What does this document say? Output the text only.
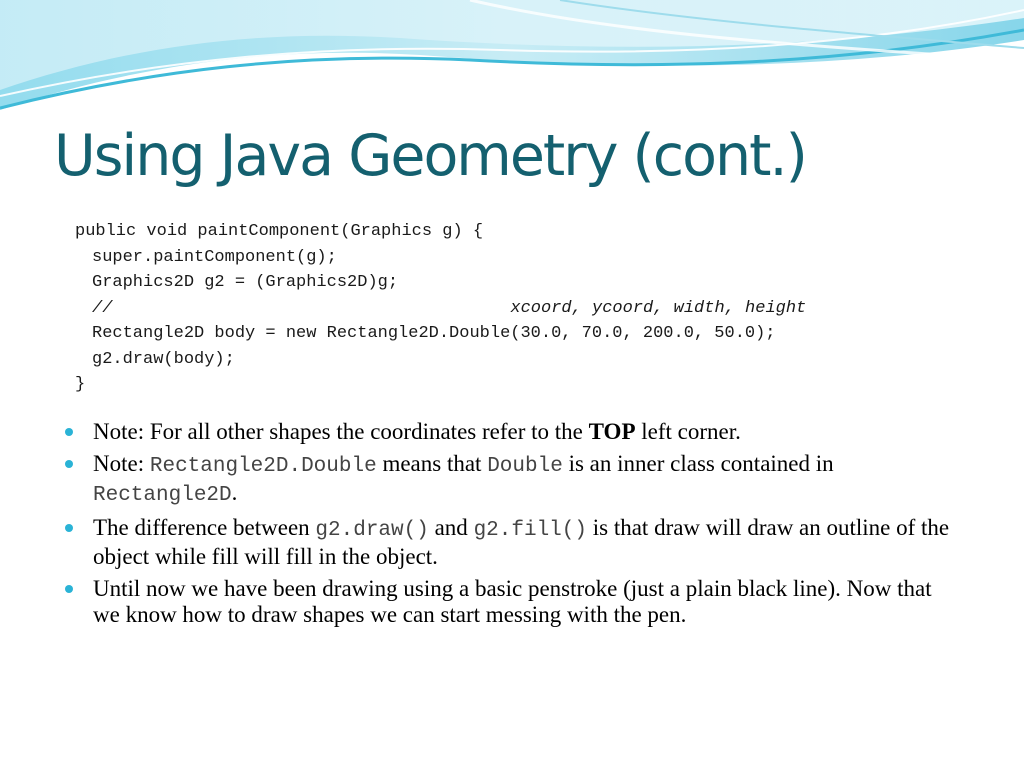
Using Java Geometry (cont.)
public void paintComponent(Graphics g) {
super.paintComponent(g);
Graphics2D g2 = (Graphics2D)g;
//	xcoord, ycoord, width, height
Rectangle2D body = new Rectangle2D.Double(30.0, 70.0, 200.0, 50.0);
g2.draw(body);
}
Note: For all other shapes the coordinates refer to the TOP left corner.
Note: Rectangle2D.Double means that Double is an inner class contained in Rectangle2D.
The difference between g2.draw() and g2.fill() is that draw will draw an outline of the object while fill will fill in the object.
Until now we have been drawing using a basic penstroke (just a plain black line). Now that we know how to draw shapes we can start messing with the pen.
